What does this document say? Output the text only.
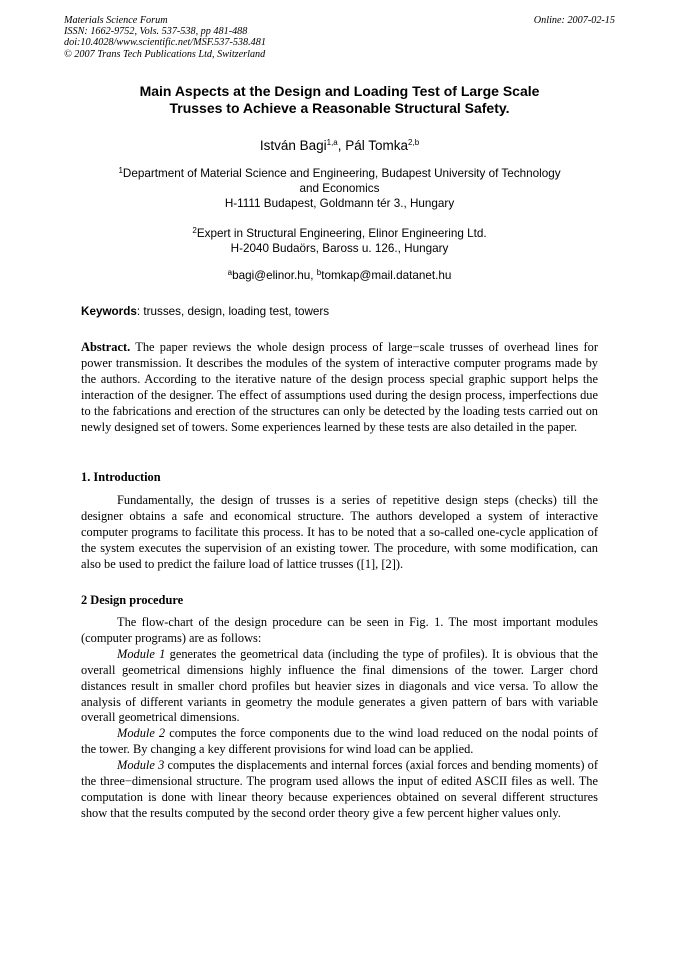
Materials Science Forum
ISSN: 1662-9752, Vols. 537-538, pp 481-488
doi:10.4028/www.scientific.net/MSF.537-538.481
© 2007 Trans Tech Publications Ltd, Switzerland
Online: 2007-02-15
Main Aspects at the Design and Loading Test of Large Scale
Trusses to Achieve a Reasonable Structural Safety.
István Bagi$^{1,a}$, Pál Tomka$^{2,b}$
$^1$Department of Material Science and Engineering, Budapest University of Technology
and Economics
H-1111 Budapest, Goldmann tér 3., Hungary
$^2$Expert in Structural Engineering, Elinor Engineering Ltd.
H-2040 Budaörs, Baross u. 126., Hungary
$^a$bagi@elinor.hu, $^b$tomkap@mail.datanet.hu
Keywords: trusses, design, loading test, towers
Abstract. The paper reviews the whole design process of large−scale trusses of overhead lines for power transmission. It describes the modules of the system of interactive computer programs made by the authors. According to the iterative nature of the design process special graphic support helps the interaction of the designer. The effect of assumptions used during the design process, imperfections due to the fabrications and erection of the structures can only be detected by the loading tests carried out on newly designed set of towers. Some experiences learned by these tests are also detailed in the paper.
1. Introduction
Fundamentally, the design of trusses is a series of repetitive design steps (checks) till the designer obtains a safe and economical structure. The authors developed a system of interactive computer programs to facilitate this process. It has to be noted that a so-called one-cycle application of the system executes the supervision of an existing tower. The procedure, with some modification, can also be used to predict the failure load of lattice trusses ([1], [2]).
2 Design procedure

The flow-chart of the design procedure can be seen in Fig. 1. The most important modules (computer programs) are as follows:

Module 1 generates the geometrical data (including the type of profiles). It is obvious that the overall geometrical dimensions highly influence the final dimensions of the tower. Larger chord distances result in smaller chord profiles but heavier sizes in diagonals and vice versa. To allow the analysis of different variants in geometry the module generates a given pattern of bars with variable overall geometrical dimensions.

Module 2 computes the force components due to the wind load reduced on the nodal points of the tower. By changing a key different provisions for wind load can be applied.

Module 3 computes the displacements and internal forces (axial forces and bending moments) of the three−dimensional structure. The program used allows the input of edited ASCII files as well. The computation is done with linear theory because experiences obtained on several different structures show that the results computed by the second order theory give a few percent higher values only.
